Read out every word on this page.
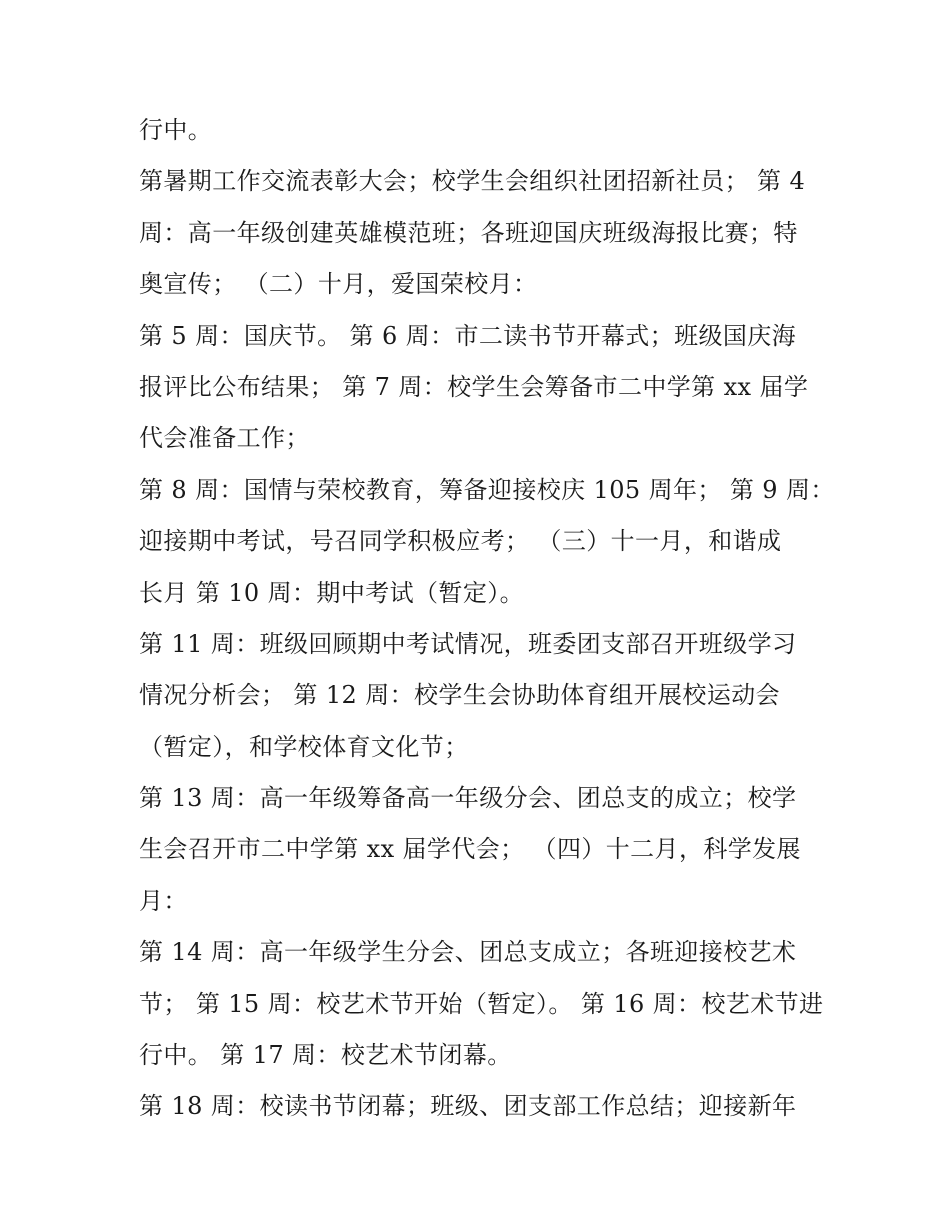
行中。
第暑期工作交流表彰大会；校学生会组织社团招新社员； 第 4
周：高一年级创建英雄模范班；各班迎国庆班级海报比赛；特
奥宣传； （二）十月，爱国荣校月：
第 5 周：国庆节。 第 6 周：市二读书节开幕式；班级国庆海
报评比公布结果； 第 7 周：校学生会筹备市二中学第 xx 届学
代会准备工作；
第 8 周：国情与荣校教育，筹备迎接校庆 105 周年； 第 9 周：
迎接期中考试，号召同学积极应考； （三）十一月，和谐成
长月 第 10 周：期中考试（暂定）。
第 11 周：班级回顾期中考试情况，班委团支部召开班级学习
情况分析会； 第 12 周：校学生会协助体育组开展校运动会
（暂定），和学校体育文化节；
第 13 周：高一年级筹备高一年级分会、团总支的成立；校学
生会召开市二中学第 xx 届学代会； （四）十二月，科学发展
月：
第 14 周：高一年级学生分会、团总支成立；各班迎接校艺术
节； 第 15 周：校艺术节开始（暂定）。 第 16 周：校艺术节进
行中。 第 17 周：校艺术节闭幕。
第 18 周：校读书节闭幕；班级、团支部工作总结；迎接新年
